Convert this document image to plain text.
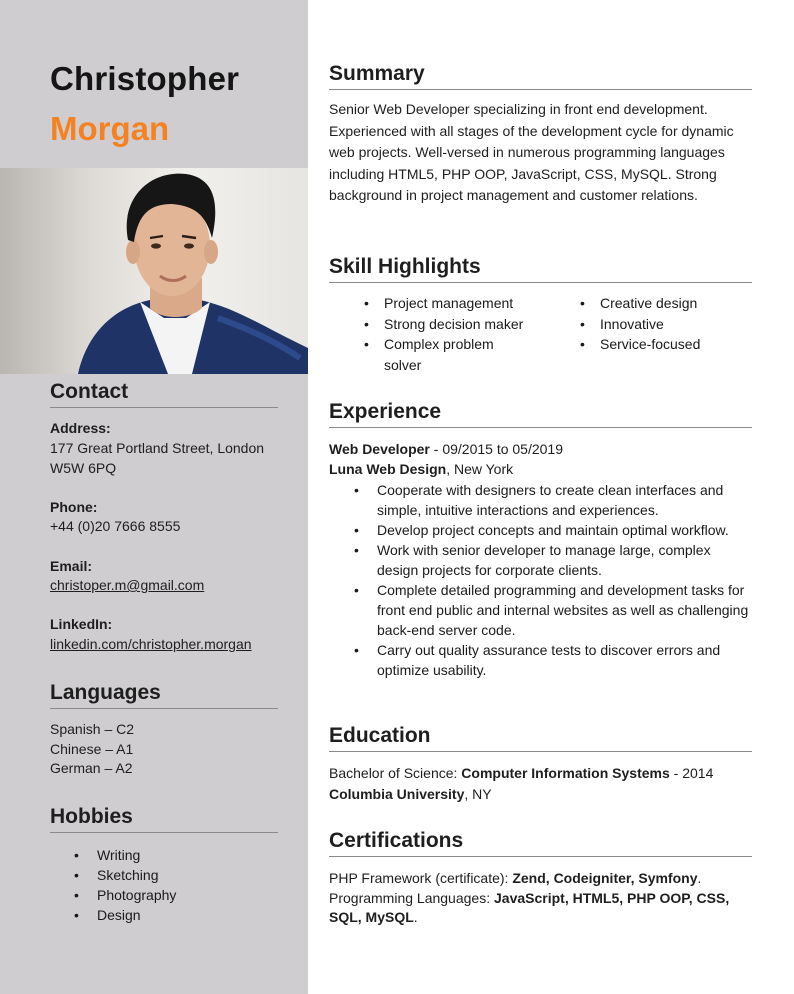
Christopher
Morgan
Contact
Address:
177 Great Portland Street, London
W5W 6PQ
Phone:
+44 (0)20 7666 8555
Email:
christoper.m@gmail.com
LinkedIn:
linkedin.com/christopher.morgan
Languages
Spanish – C2
Chinese – A1
German – A2
Hobbies
• Writing
• Sketching
• Photography
• Design
Summary

Senior Web Developer specializing in front end development. Experienced with all stages of the development cycle for dynamic web projects. Well-versed in numerous programming languages including HTML5, PHP OOP, JavaScript, CSS, MySQL. Strong background in project management and customer relations.

Skill Highlights
• Project management
• Strong decision maker
• Complex problem solver
• Creative design
• Innovative
• Service-focused
Experience
Web Developer - 09/2015 to 05/2019
Luna Web Design, New York
• Cooperate with designers to create clean interfaces and simple, intuitive interactions and experiences.
• Develop project concepts and maintain optimal workflow.
• Work with senior developer to manage large, complex design projects for corporate clients.
• Complete detailed programming and development tasks for front end public and internal websites as well as challenging back-end server code.
• Carry out quality assurance tests to discover errors and optimize usability.
Education
Bachelor of Science: Computer Information Systems - 2014
Columbia University, NY
Certifications
PHP Framework (certificate): Zend, Codeigniter, Symfony.
Programming Languages: JavaScript, HTML5, PHP OOP, CSS,
SQL, MySQL.
